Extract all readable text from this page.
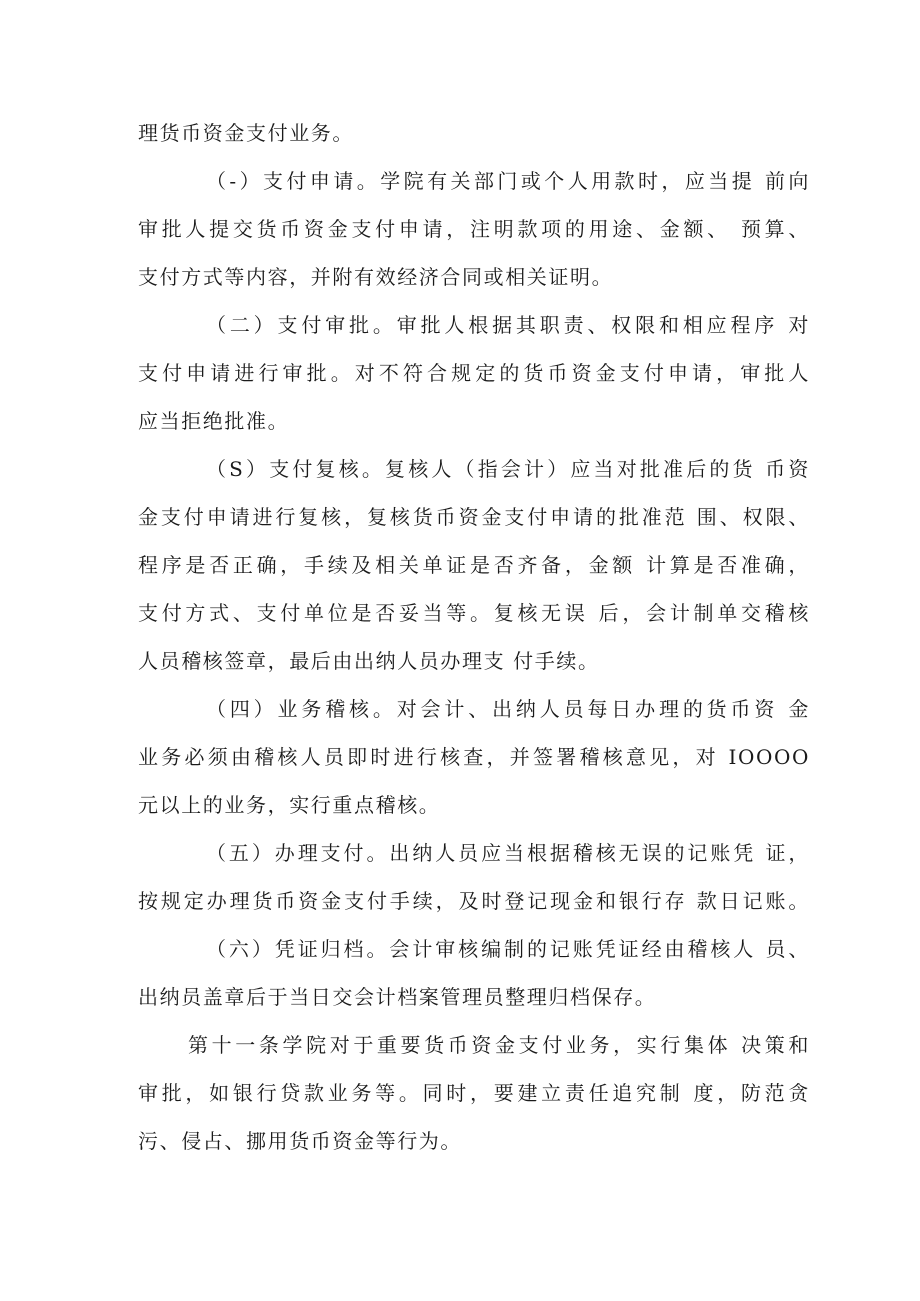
理货币资金支付业务。
（-）支付申请。学院有关部门或个人用款时，应当提 前向
审批人提交货币资金支付申请，注明款项的用途、金额、 预算、
支付方式等内容，并附有效经济合同或相关证明。
（二）支付审批。审批人根据其职责、权限和相应程序 对
支付申请进行审批。对不符合规定的货币资金支付申请，审批人
应当拒绝批准。
（S）支付复核。复核人（指会计）应当对批准后的货 币资
金支付申请进行复核，复核货币资金支付申请的批准范 围、权限、
程序是否正确，手续及相关单证是否齐备，金额 计算是否准确，
支付方式、支付单位是否妥当等。复核无误 后，会计制单交稽核
人员稽核签章，最后由出纳人员办理支 付手续。
（四）业务稽核。对会计、出纳人员每日办理的货币资 金
业务必须由稽核人员即时进行核查，并签署稽核意见，对 IOOOO
元以上的业务，实行重点稽核。
（五）办理支付。出纳人员应当根据稽核无误的记账凭 证，
按规定办理货币资金支付手续，及时登记现金和银行存 款日记账。
（六）凭证归档。会计审核编制的记账凭证经由稽核人 员、
出纳员盖章后于当日交会计档案管理员整理归档保存。
第十一条学院对于重要货币资金支付业务，实行集体 决策和
审批，如银行贷款业务等。同时，要建立责任追究制 度，防范贪
污、侵占、挪用货币资金等行为。
